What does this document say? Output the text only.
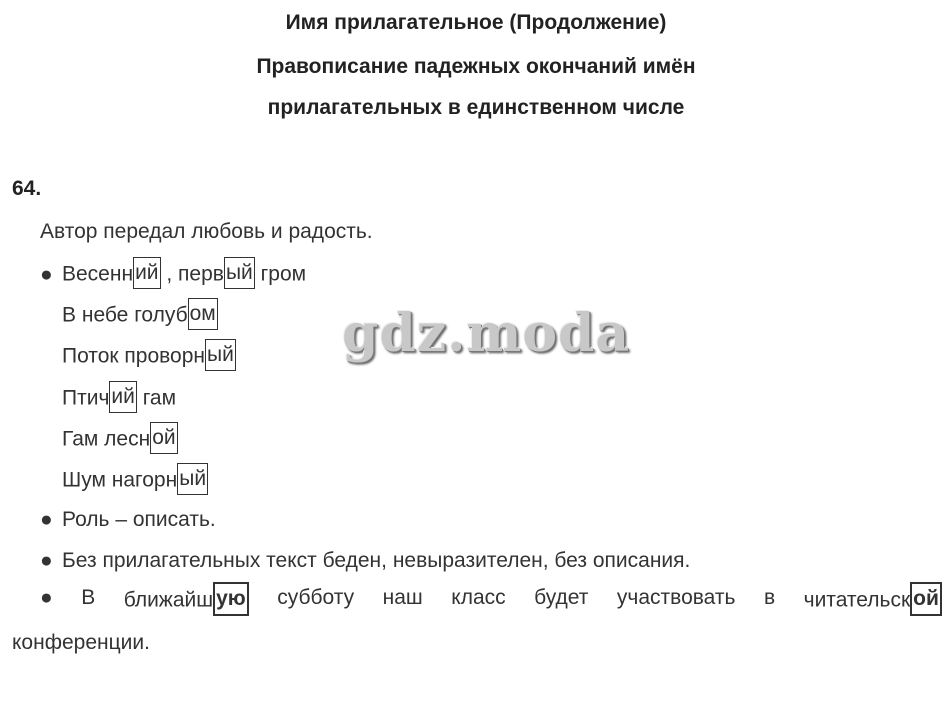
Имя прилагательное (Продолжение)
Правописание падежных окончаний имён
прилагательных в единственном числе
64.
Автор передал любовь и радость.
● Весенний , первый гром
В небе голубом
Поток проворный
Птичий гам
Гам лесной
Шум нагорный
● Роль – описать.
● Без прилагательных текст беден, невыразителен, без описания.
● В ближайш ую субботу наш класс будет участвовать в читательск ой
конференции.
gdz.moda
